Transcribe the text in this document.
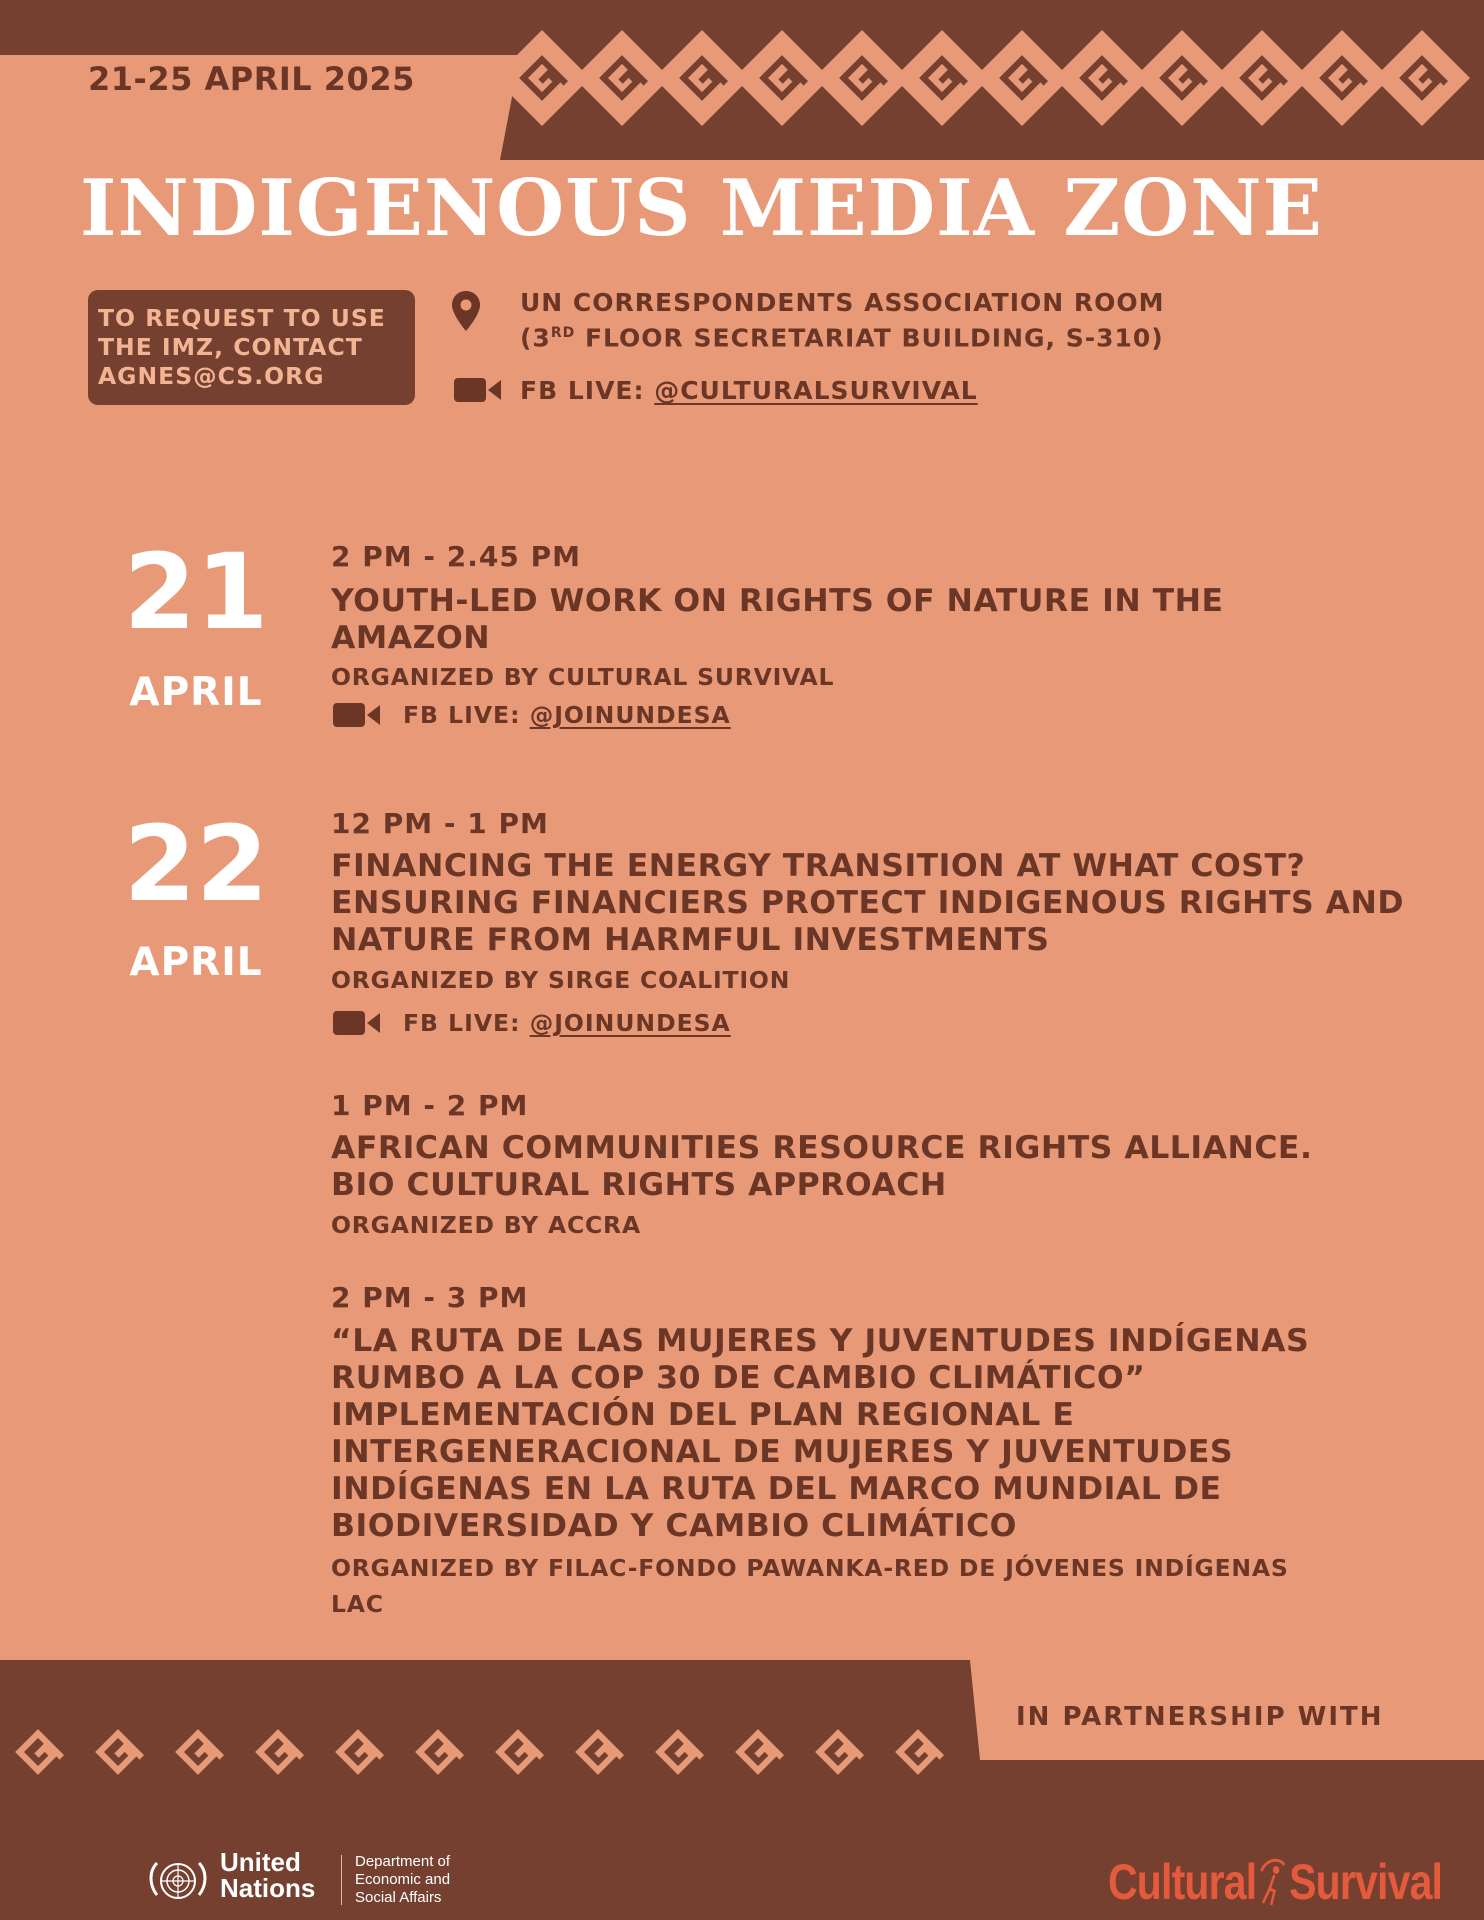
21-25 APRIL 2025
INDIGENOUS MEDIA ZONE
TO REQUEST TO USE
THE IMZ, CONTACT
AGNES@CS.ORG
UN CORRESPONDENTS ASSOCIATION ROOM
(3RD FLOOR SECRETARIAT BUILDING, S-310)
FB LIVE: @CULTURALSURVIVAL
21
APRIL
2 PM - 2.45 PM
YOUTH-LED WORK ON RIGHTS OF NATURE IN THE AMAZON
ORGANIZED BY CULTURAL SURVIVAL
FB LIVE: @JOINUNDESA
22
APRIL
12 PM - 1 PM
FINANCING THE ENERGY TRANSITION AT WHAT COST? ENSURING FINANCIERS PROTECT INDIGENOUS RIGHTS AND NATURE FROM HARMFUL INVESTMENTS
ORGANIZED BY SIRGE COALITION
FB LIVE: @JOINUNDESA
1 PM - 2 PM
AFRICAN COMMUNITIES RESOURCE RIGHTS ALLIANCE. BIO CULTURAL RIGHTS APPROACH
ORGANIZED BY ACCRA
2 PM - 3 PM
“LA RUTA DE LAS MUJERES Y JUVENTUDES INDÍGENAS RUMBO A LA COP 30 DE CAMBIO CLIMÁTICO” IMPLEMENTACIÓN DEL PLAN REGIONAL E INTERGENERACIONAL DE MUJERES Y JUVENTUDES INDÍGENAS EN LA RUTA DEL MARCO MUNDIAL DE BIODIVERSIDAD Y CAMBIO CLIMÁTICO
ORGANIZED BY FILAC-FONDO PAWANKA-RED DE JÓVENES INDÍGENAS LAC
IN PARTNERSHIP WITH
United
Nations
Department of
Economic and
Social Affairs	Cultural Survival
